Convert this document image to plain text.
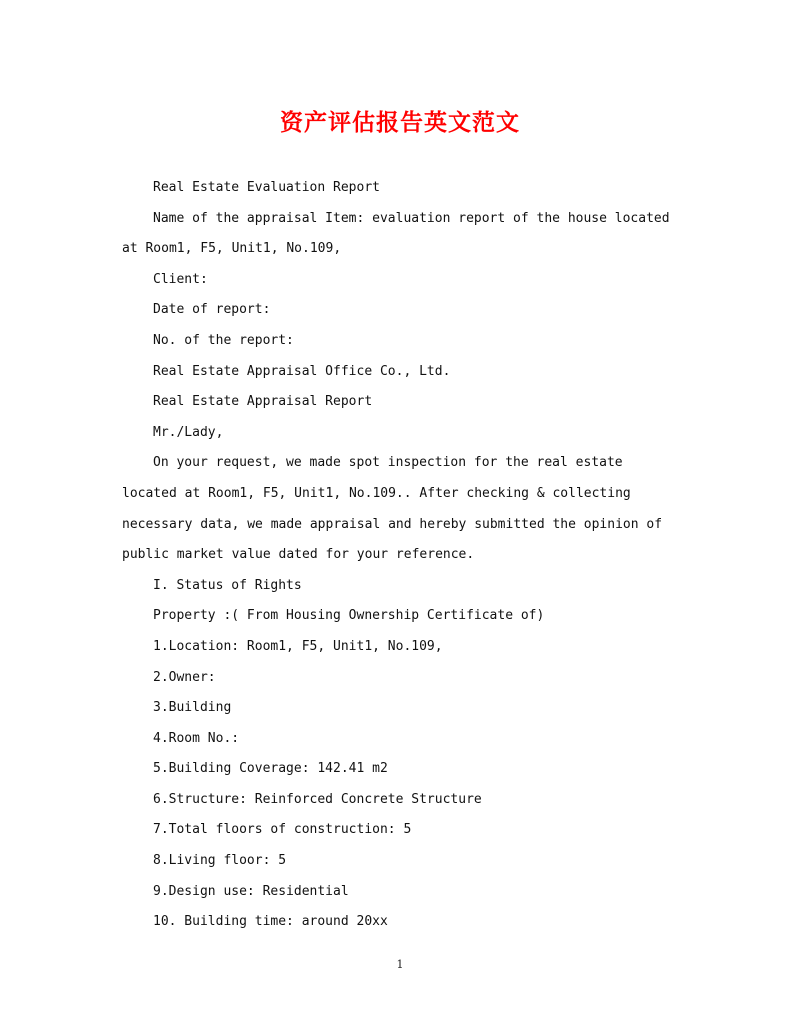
资产评估报告英文范文

Real Estate Evaluation Report

Name of the appraisal Item: evaluation report of the house located

at Room1, F5, Unit1, No.109,

Client:

Date of report:

No. of the report:

Real Estate Appraisal Office Co., Ltd.

Real Estate Appraisal Report

Mr./Lady,

On your request, we made spot inspection for the real estate

located at Room1, F5, Unit1, No.109.. After checking & collecting

necessary data, we made appraisal and hereby submitted the opinion of

public market value dated for your reference.

I. Status of Rights

Property :( From Housing Ownership Certificate of)

1.Location: Room1, F5, Unit1, No.109,

2.Owner:

3.Building

4.Room No.:

5.Building Coverage: 142.41 m2

6.Structure: Reinforced Concrete Structure

7.Total floors of construction: 5

8.Living floor: 5

9.Design use: Residential

10. Building time: around 20xx

1
